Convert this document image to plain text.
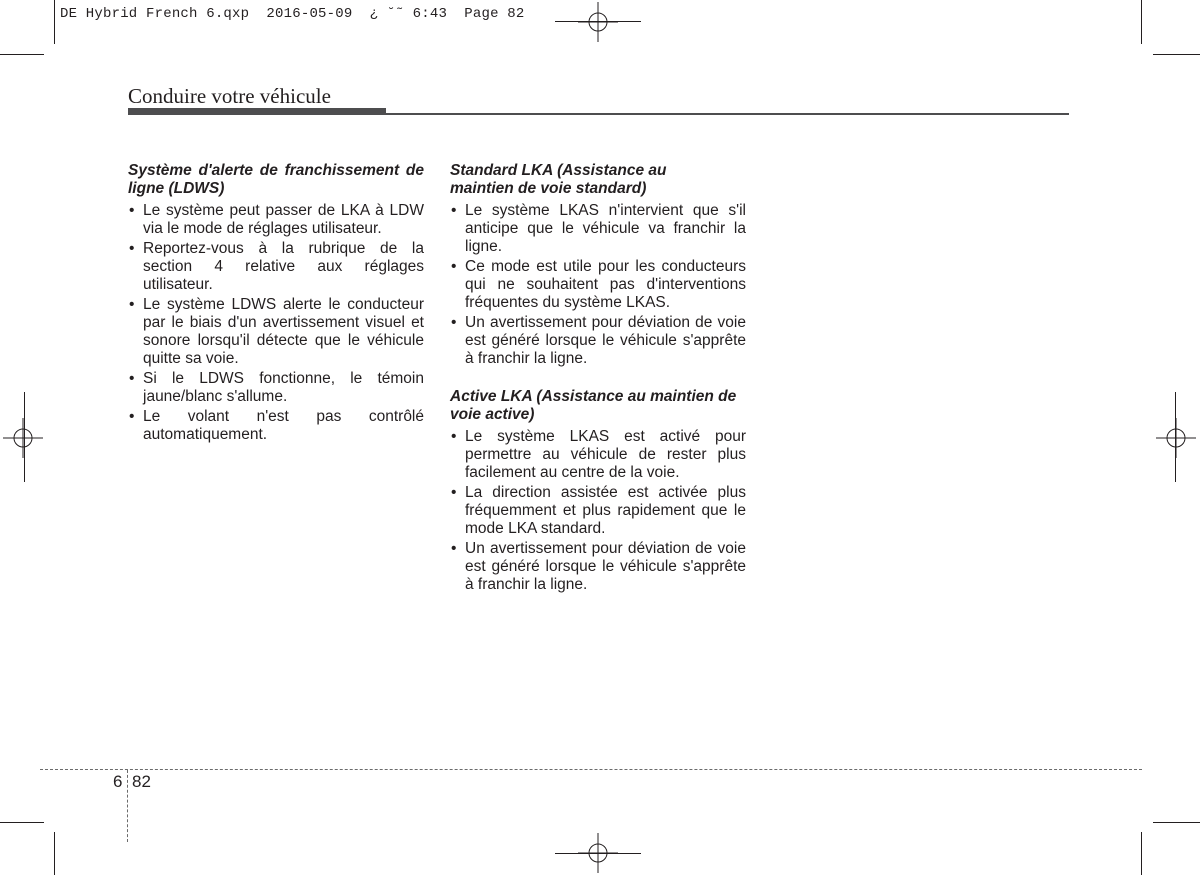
DE Hybrid French 6.qxp  2016-05-09  ¿ ˘˜ 6:43  Page 82
Conduire votre véhicule
Système d'alerte de franchissement de ligne (LDWS)
• Le système peut passer de LKA à LDW via le mode de réglages utilisateur.
• Reportez-vous à la rubrique de la section 4 relative aux réglages utilisateur.
• Le système LDWS alerte le conducteur par le biais d'un avertissement visuel et sonore lorsqu'il détecte que le véhicule quitte sa voie.
• Si le LDWS fonctionne, le témoin jaune/blanc s'allume.
• Le volant n'est pas contrôlé automatiquement.
Standard LKA (Assistance au maintien de voie standard)
• Le système LKAS n'intervient que s'il anticipe que le véhicule va franchir la ligne.
• Ce mode est utile pour les conducteurs qui ne souhaitent pas d'interventions fréquentes du système LKAS.
• Un avertissement pour déviation de voie est généré lorsque le véhicule s'apprête à franchir la ligne.
Active LKA (Assistance au maintien de voie active)
• Le système LKAS est activé pour permettre au véhicule de rester plus facilement au centre de la voie.
• La direction assistée est activée plus fréquemment et plus rapidement que le mode LKA standard.
• Un avertissement pour déviation de voie est généré lorsque le véhicule s'apprête à franchir la ligne.
6 82
